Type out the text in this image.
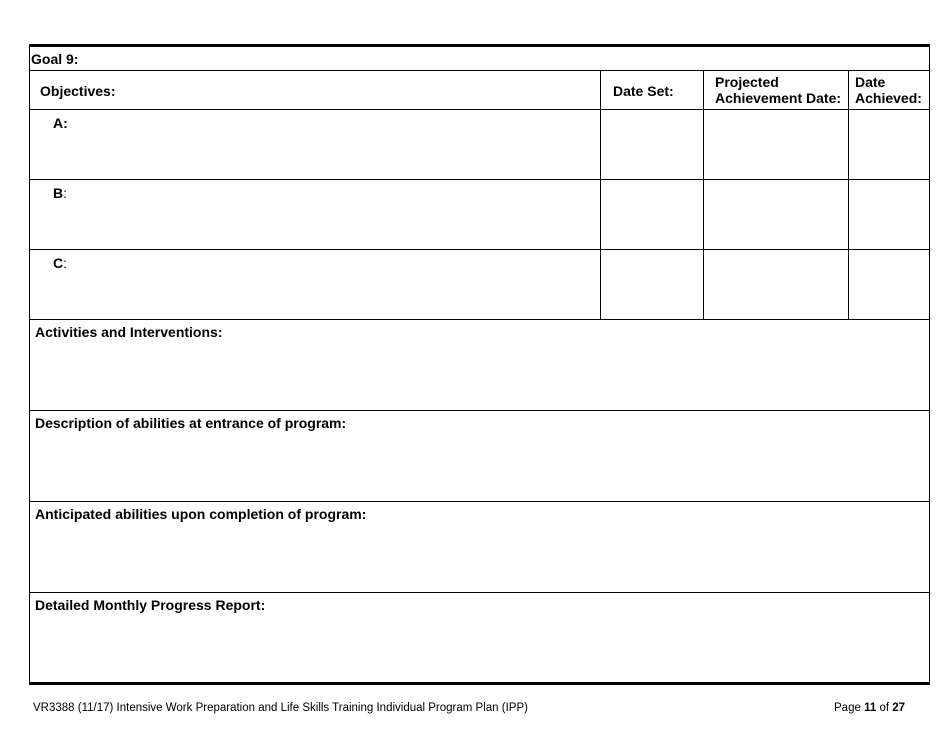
Goal 9:
Objectives:	Date Set:
Projected
Achievement Date:
Date
Achieved:
A:
B:
C:
Activities and Interventions:
Description of abilities at entrance of program:
Anticipated abilities upon completion of program:
Detailed Monthly Progress Report:
VR3388 (11/17) Intensive Work Preparation and Life Skills Training Individual Program Plan (IPP)	Page 11 of 27
